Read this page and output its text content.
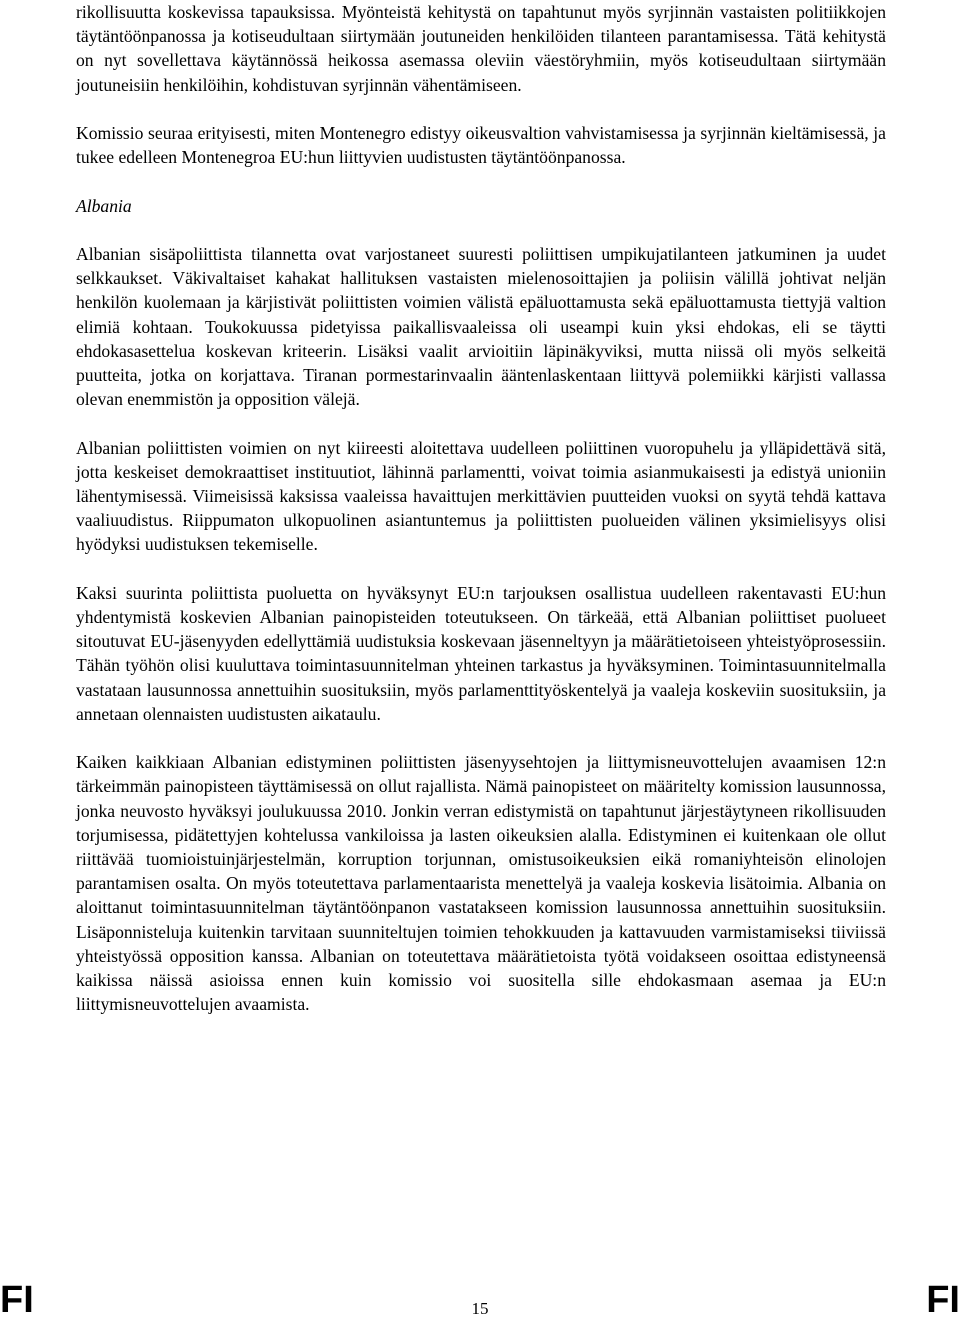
rikollisuutta koskevissa tapauksissa. Myönteistä kehitystä on tapahtunut myös syrjinnän vastaisten politiikkojen täytäntöönpanossa ja kotiseudultaan siirtymään joutuneiden henkilöiden tilanteen parantamisessa. Tätä kehitystä on nyt sovellettava käytännössä heikossa asemassa oleviin väestöryhmiin, myös kotiseudultaan siirtymään joutuneisiin henkilöihin, kohdistuvan syrjinnän vähentämiseen.

Komissio seuraa erityisesti, miten Montenegro edistyy oikeusvaltion vahvistamisessa ja syrjinnän kieltämisessä, ja tukee edelleen Montenegroa EU:hun liittyvien uudistusten täytäntöönpanossa.

Albania

Albanian sisäpoliittista tilannetta ovat varjostaneet suuresti poliittisen umpikujatilanteen jatkuminen ja uudet selkkaukset. Väkivaltaiset kahakat hallituksen vastaisten mielenosoittajien ja poliisin välillä johtivat neljän henkilön kuolemaan ja kärjistivät poliittisten voimien välistä epäluottamusta sekä epäluottamusta tiettyjä valtion elimiä kohtaan. Toukokuussa pidetyissa paikallisvaaleissa oli useampi kuin yksi ehdokas, eli se täytti ehdokasasettelua koskevan kriteerin. Lisäksi vaalit arvioitiin läpinäkyviksi, mutta niissä oli myös selkeitä puutteita, jotka on korjattava. Tiranan pormestarinvaalin ääntenlaskentaan liittyvä polemiikki kärjisti vallassa olevan enemmistön ja opposition välejä.

Albanian poliittisten voimien on nyt kiireesti aloitettava uudelleen poliittinen vuoropuhelu ja ylläpidettävä sitä, jotta keskeiset demokraattiset instituutiot, lähinnä parlamentti, voivat toimia asianmukaisesti ja edistyä unioniin lähentymisessä. Viimeisissä kaksissa vaaleissa havaittujen merkittävien puutteiden vuoksi on syytä tehdä kattava vaaliuudistus. Riippumaton ulkopuolinen asiantuntemus ja poliittisten puolueiden välinen yksimielisyys olisi hyödyksi uudistuksen tekemiselle.

Kaksi suurinta poliittista puoluetta on hyväksynyt EU:n tarjouksen osallistua uudelleen rakentavasti EU:hun yhdentymistä koskevien Albanian painopisteiden toteutukseen. On tärkeää, että Albanian poliittiset puolueet sitoutuvat EU-jäsenyyden edellyttämiä uudistuksia koskevaan jäsenneltyyn ja määrätietoiseen yhteistyöprosessiin. Tähän työhön olisi kuuluttava toimintasuunnitelman yhteinen tarkastus ja hyväksyminen. Toimintasuunnitelmalla vastataan lausunnossa annettuihin suosituksiin, myös parlamenttityöskentelyä ja vaaleja koskeviin suosituksiin, ja annetaan olennaisten uudistusten aikataulu.

Kaiken kaikkiaan Albanian edistyminen poliittisten jäsenyysehtojen ja liittymisneuvottelujen avaamisen 12:n tärkeimmän painopisteen täyttämisessä on ollut rajallista. Nämä painopisteet on määritelty komission lausunnossa, jonka neuvosto hyväksyi joulukuussa 2010. Jonkin verran edistymistä on tapahtunut järjestäytyneen rikollisuuden torjumisessa, pidätettyjen kohtelussa vankiloissa ja lasten oikeuksien alalla. Edistyminen ei kuitenkaan ole ollut riittävää tuomioistuinjärjestelmän, korruption torjunnan, omistusoikeuksien eikä romaniyhteisön elinolojen parantamisen osalta. On myös toteutettava parlamentaarista menettelyä ja vaaleja koskevia lisätoimia. Albania on aloittanut toimintasuunnitelman täytäntöönpanon vastatakseen komission lausunnossa annettuihin suosituksiin. Lisäponnisteluja kuitenkin tarvitaan suunniteltujen toimien tehokkuuden ja kattavuuden varmistamiseksi tiiviissä yhteistyössä opposition kanssa. Albanian on toteutettava määrätietoista työtä voidakseen osoittaa edistyneensä kaikissa näissä asioissa ennen kuin komissio voi suositella sille ehdokasmaan asemaa ja EU:n liittymisneuvottelujen avaamista.

FI	15	FI
